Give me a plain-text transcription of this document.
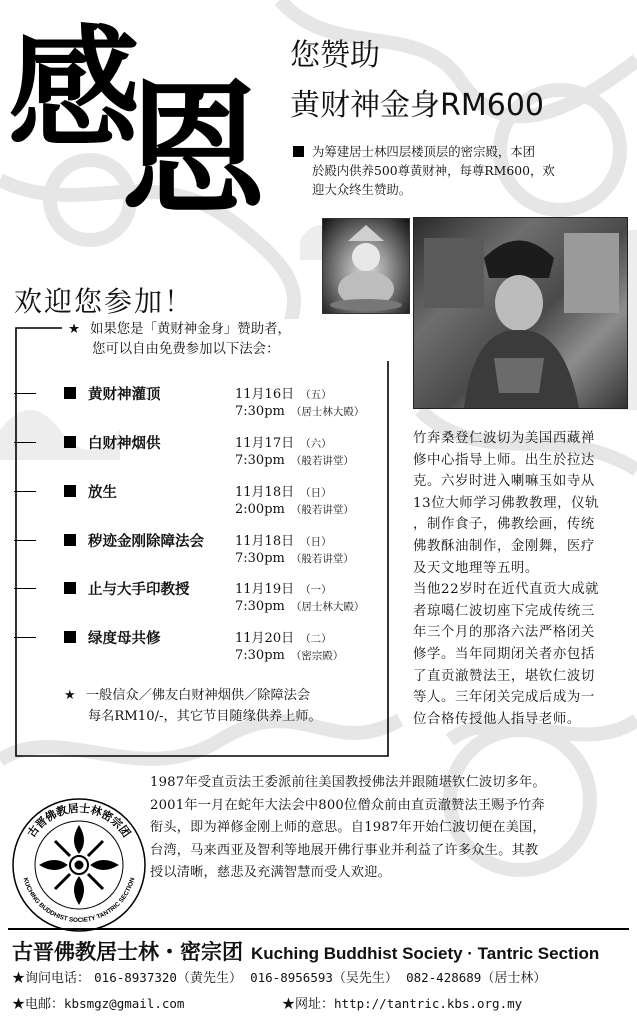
感
恩
您赞助
黄财神金身RM600
为筹建居士林四层楼顶层的密宗殿，本团
於殿内供养500尊黄财神，每尊RM600，欢
迎大众终生赞助。
欢迎您参加！
★ 如果您是「黄财神金身」赞助者，
您可以自由免费参加以下法会：
黄财神灌顶	11月16日 （五）
7:30pm （居士林大殿）
白财神烟供	11月17日 （六）
7:30pm （般若讲堂）
放生	11月18日 （日）
2:00pm （般若讲堂）
秽迹金刚除障法会 11月18日 （日）
7:30pm （般若讲堂）
止与大手印教授	11月19日 （一）
7:30pm （居士林大殿）
绿度母共修	11月20日 （二）
7:30pm （密宗殿）
★ 一般信众／佛友白财神烟供／除障法会
每名RM10/-，其它节目随缘供养上师。
竹奔桑登仁波切为美国西藏禅
修中心指导上师。出生於拉达
克。六岁时进入喇嘛玉如寺从
13位大师学习佛教教理，仪轨
，制作食子，佛教绘画，传统
佛教酥油制作，金刚舞，医疗
及天文地理等五明。
当他22岁时在近代直贡大成就
者琼噶仁波切座下完成传统三
年三个月的那洛六法严格闭关
修学。当年同期闭关者亦包括
了直贡澈赞法王，堪钦仁波切
等人。三年闭关完成后成为一
位合格传授他人指导老师。
1987年受直贡法王委派前往美国教授佛法并跟随堪钦仁波切多年。
2001年一月在蛇年大法会中800位僧众前由直贡澈赞法王赐予竹奔
衔头，即为禅修金刚上师的意思。自1987年开始仁波切便在美国，
台湾，马来西亚及智利等地展开佛行事业并利益了许多众生。其教
授以清晰，慈悲及充满智慧而受人欢迎。
古晋佛教居士林密宗团
KUCHING BUDDHIST SOCIETY TANTRIC SECTION
古晋佛教居士林・密宗团 Kuching Buddhist Society · Tantric Section
★询问电话： 016-8937320（黄先生） 016-8956593（吴先生） 082-428689（居士林）
★电邮：kbsmgz@gmail.com	★网址：http://tantric.kbs.org.my
